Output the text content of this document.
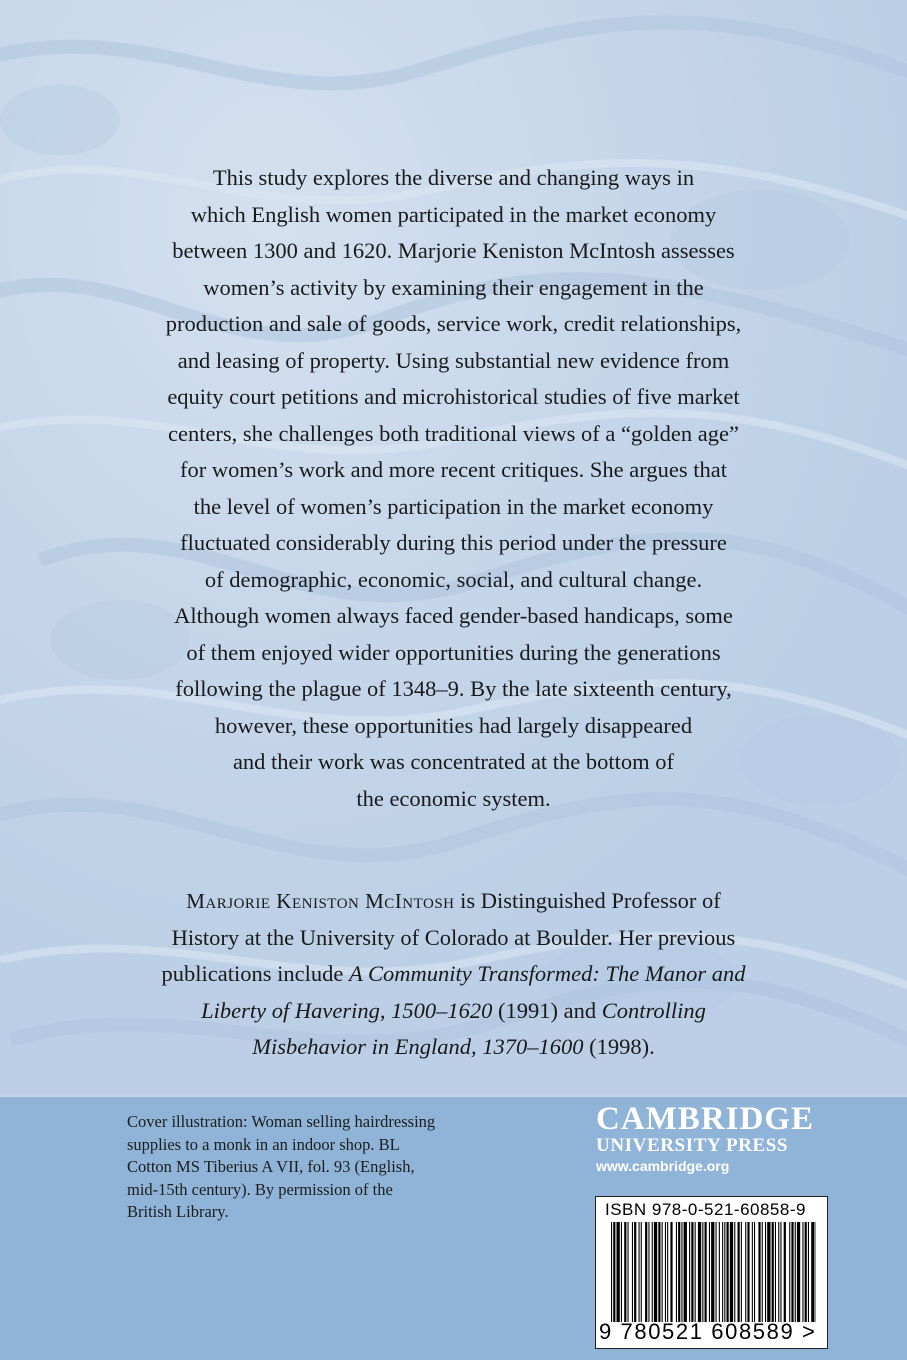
This study explores the diverse and changing ways in
which English women participated in the market economy
between 1300 and 1620. Marjorie Keniston McIntosh assesses
women’s activity by examining their engagement in the
production and sale of goods, service work, credit relationships,
and leasing of property. Using substantial new evidence from
equity court petitions and microhistorical studies of five market
centers, she challenges both traditional views of a “golden age”
for women’s work and more recent critiques. She argues that
the level of women’s participation in the market economy
fluctuated considerably during this period under the pressure
of demographic, economic, social, and cultural change.
Although women always faced gender-based handicaps, some
of them enjoyed wider opportunities during the generations
following the plague of 1348–9. By the late sixteenth century,
however, these opportunities had largely disappeared
and their work was concentrated at the bottom of
the economic system.

Marjorie Keniston McIntosh is Distinguished Professor of
History at the University of Colorado at Boulder. Her previous
publications include A Community Transformed: The Manor and
Liberty of Havering, 1500–1620 (1991) and Controlling
Misbehavior in England, 1370–1600 (1998).
Cover illustration: Woman selling hairdressing
supplies to a monk in an indoor shop. BL
Cotton MS Tiberius A VII, fol. 93 (English,
mid-15th century). By permission of the
British Library.
CAMBRIDGE
UNIVERSITY PRESS
www.cambridge.org
ISBN 978-0-521-60858-9
9 780521 608589 >
